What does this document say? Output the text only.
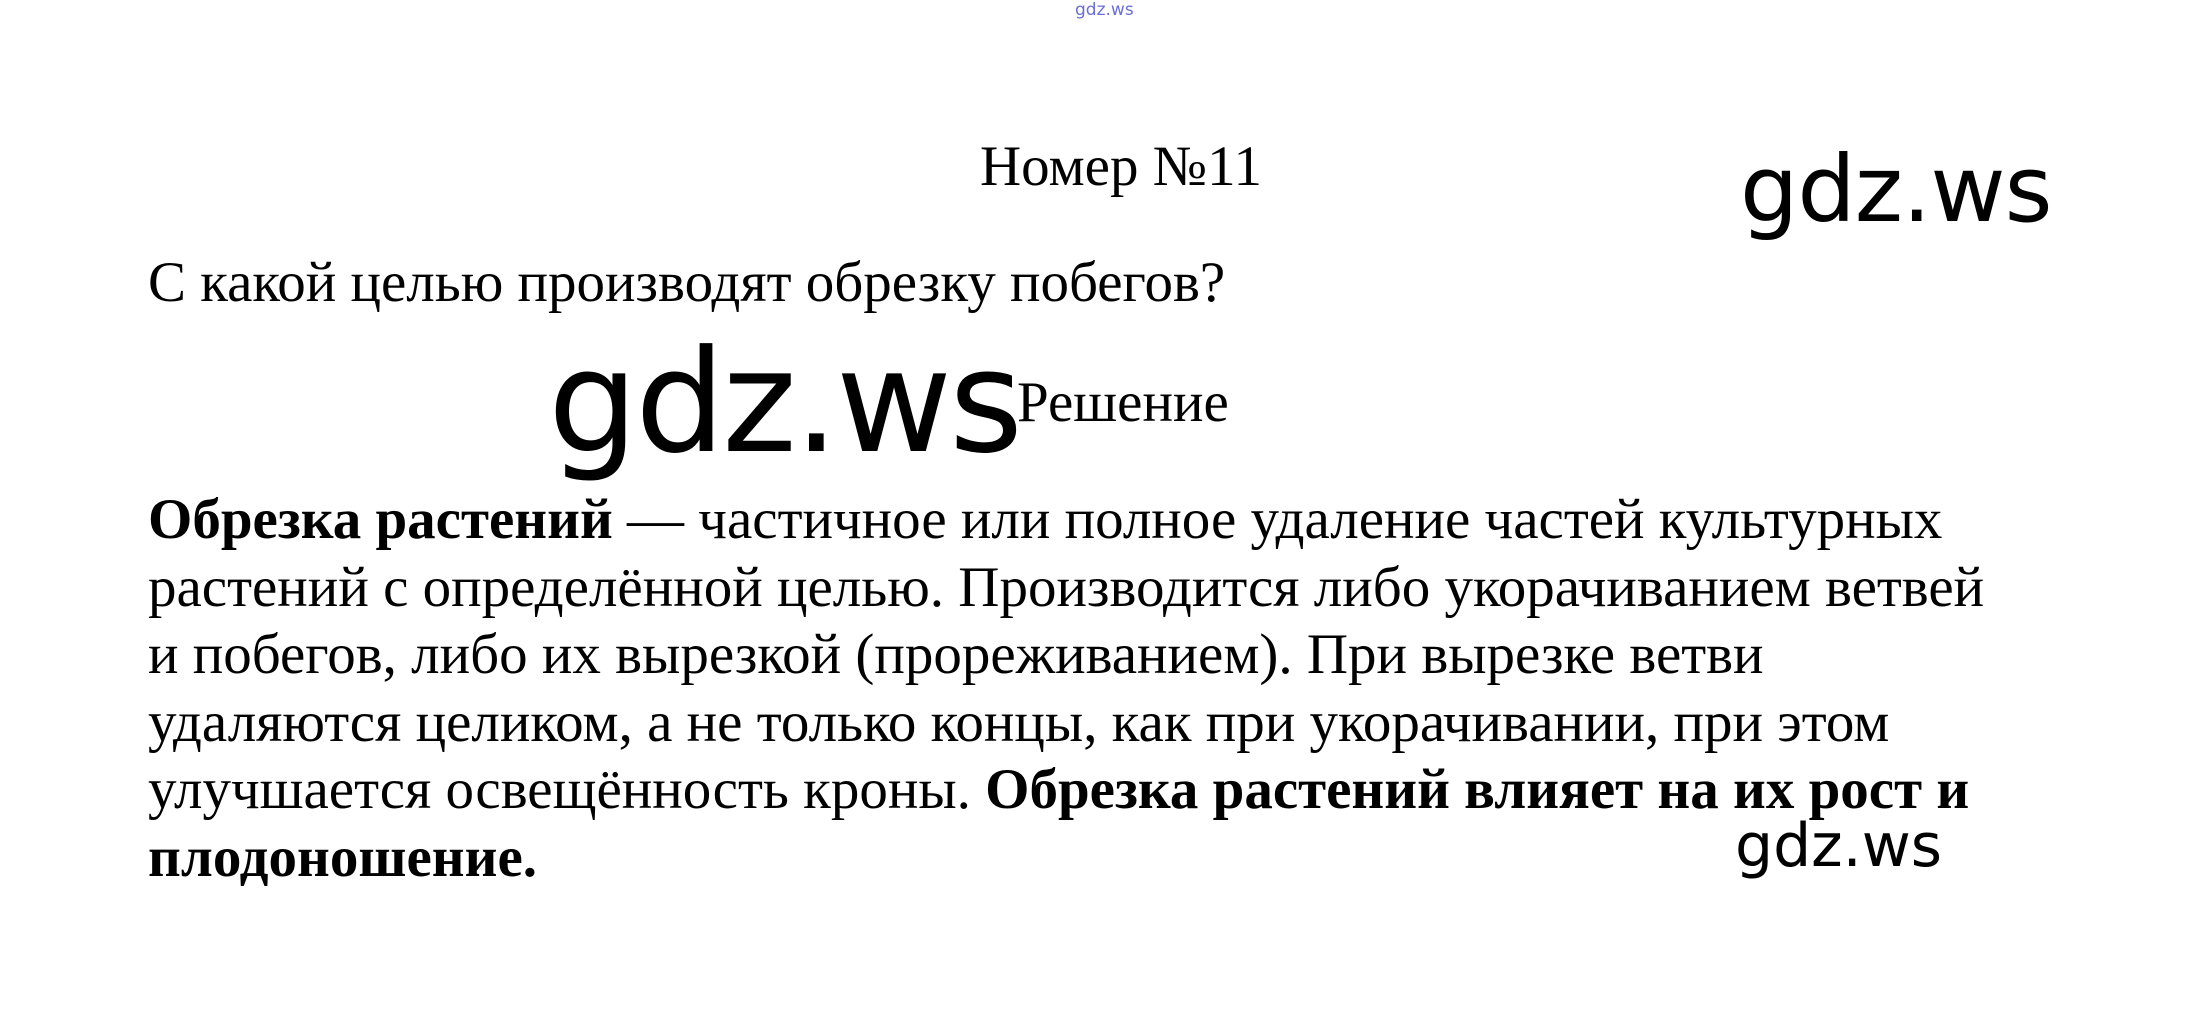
gdz.ws
Номер №11	gdz.ws
С какой целью производят обрезку побегов?
gdz.ws
Решение
Обрезка растений — частичное или полное удаление частей культурных
растений с определённой целью. Производится либо укорачиванием ветвей
и побегов, либо их вырезкой (прореживанием). При вырезке ветви
удаляются целиком, а не только концы, как при укорачивании, при этом
улучшается освещённость кроны. Обрезка растений влияет на их рост и
плодоношение.	gdz.ws
